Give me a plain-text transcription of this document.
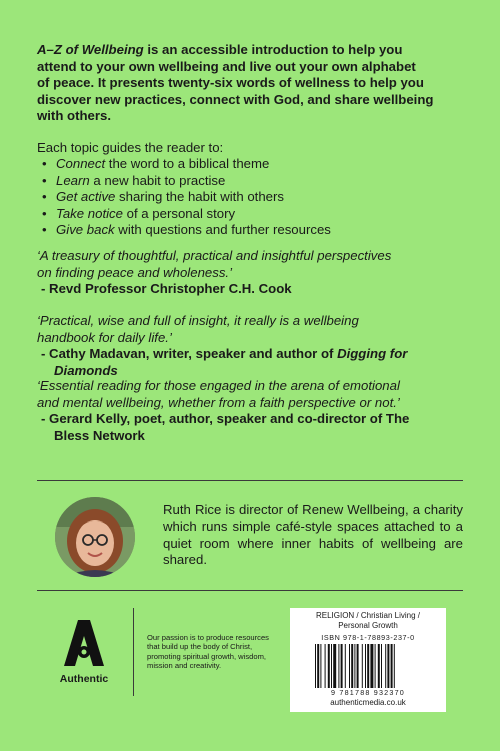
A–Z of Wellbeing is an accessible introduction to help you
attend to your own wellbeing and live out your own alphabet
of peace. It presents twenty-six words of wellness to help you
discover new practices, connect with God, and share wellbeing
with others.
Each topic guides the reader to:
• Connect the word to a biblical theme
• Learn a new habit to practise
• Get active sharing the habit with others
• Take notice of a personal story
• Give back with questions and further resources
‘A treasury of thoughtful, practical and insightful perspectives
on finding peace and wholeness.’
- Revd Professor Christopher C.H. Cook
‘Practical, wise and full of insight, it really is a wellbeing
handbook for daily life.’
- Cathy Madavan, writer, speaker and author of Digging for
Diamonds
‘Essential reading for those engaged in the arena of emotional
and mental wellbeing, whether from a faith perspective or not.’
- Gerard Kelly, poet, author, speaker and co-director of The
Bless Network
Ruth Rice is director of Renew Wellbeing, a charity which runs simple café-style spaces attached to a quiet room where inner habits of wellbeing are shared.
Authentic
Our passion is to produce resources that build up the body of Christ, promoting spiritual growth, wisdom, mission and creativity.
RELIGION / Christian Living /
Personal Growth
ISBN 978-1-78893-237-0
9 781788 932370
authenticmedia.co.uk
